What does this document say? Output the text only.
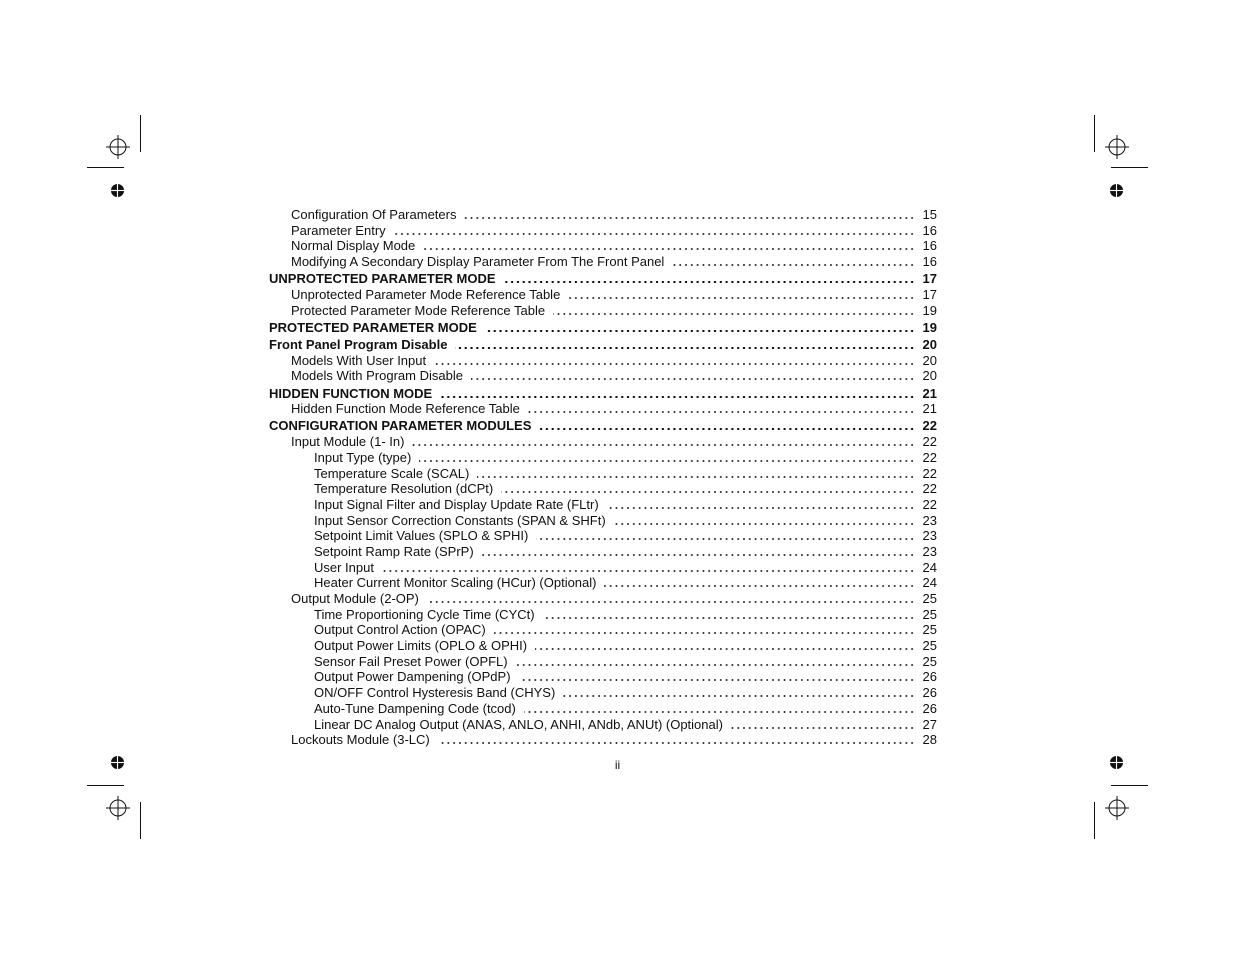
Configuration Of Parameters	15
Parameter Entry	16
Normal Display Mode	16
Modifying A Secondary Display Parameter From The Front Panel	16
UNPROTECTED PARAMETER MODE	17
Unprotected Parameter Mode Reference Table	17
Protected Parameter Mode Reference Table	19
PROTECTED PARAMETER MODE	19
Front Panel Program Disable	20
Models With User Input	20
Models With Program Disable	20
HIDDEN FUNCTION MODE	21
Hidden Function Mode Reference Table	21
CONFIGURATION PARAMETER MODULES	22
Input Module (1- In)	22
Input Type (type)	22
Temperature Scale (SCAL)	22
Temperature Resolution (dCPt)	22
Input Signal Filter and Display Update Rate (FLtr)	22
Input Sensor Correction Constants (SPAN & SHFt)	23
Setpoint Limit Values (SPLO & SPHI)	23
Setpoint Ramp Rate (SPrP)	23
User Input	24
Heater Current Monitor Scaling (HCur) (Optional)	24
Output Module (2-OP)	25
Time Proportioning Cycle Time (CYCt)	25
Output Control Action (OPAC)	25
Output Power Limits (OPLO & OPHI)	25
Sensor Fail Preset Power (OPFL)	25
Output Power Dampening (OPdP)	26
ON/OFF Control Hysteresis Band (CHYS)	26
Auto-Tune Dampening Code (tcod)	26
Linear DC Analog Output (ANAS, ANLO, ANHI, ANdb, ANUt) (Optional)	27
Lockouts Module (3-LC)	28
ii
